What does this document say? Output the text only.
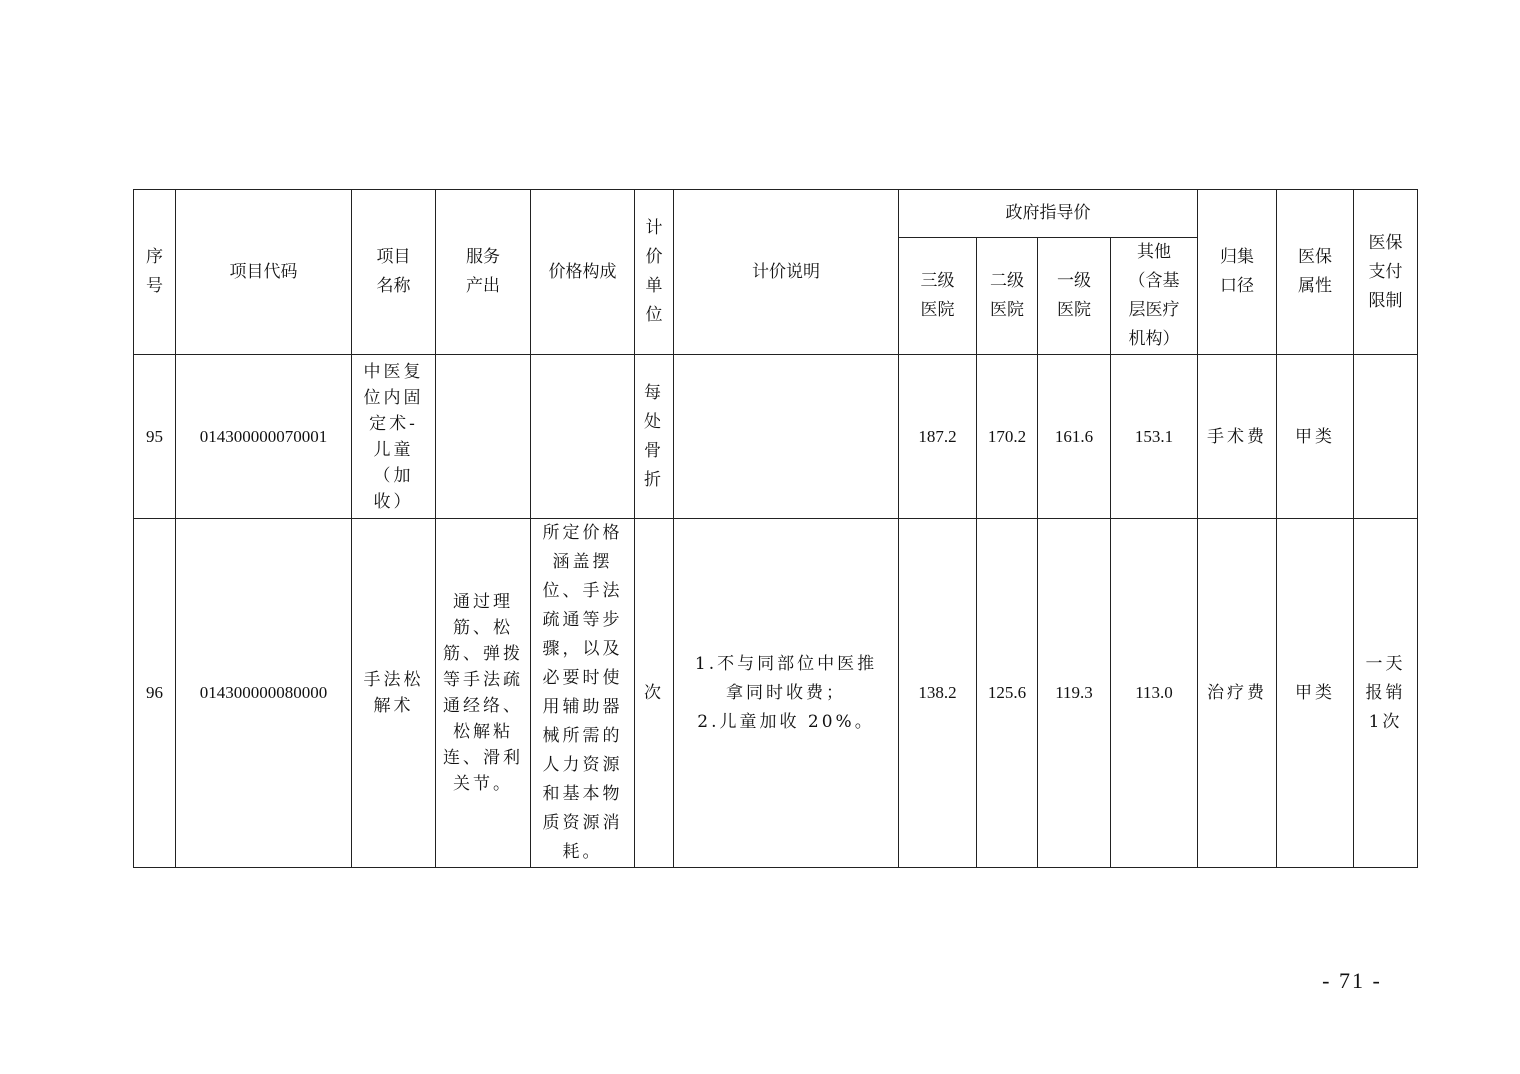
序号	项目代码	项目名称	服务产出	价格构成	计价单位	计价说明	政府指导价				归集口径	医保属性	医保支付限制

							三级医院	二级医院	一级医院	其他（含基层医疗机构）			

95	014300000070001	中医复位内固定术-儿童（加收）			每处骨折		187.2	170.2	161.6	153.1	手术费	甲类	
96	014300000080000	手法松解术	通过理筋、松筋、弹拨等手法疏通经络、松解粘连、滑利关节。	所定价格涵盖摆位、手法疏通等步骤，以及必要时使用辅助器械所需的人力资源和基本物质资源消耗。	次	1.不与同部位中医推拿同时收费；
2.儿童加收 20%。	138.2	125.6	119.3	113.0	治疗费	甲类	一天报销1次
- 71 -
